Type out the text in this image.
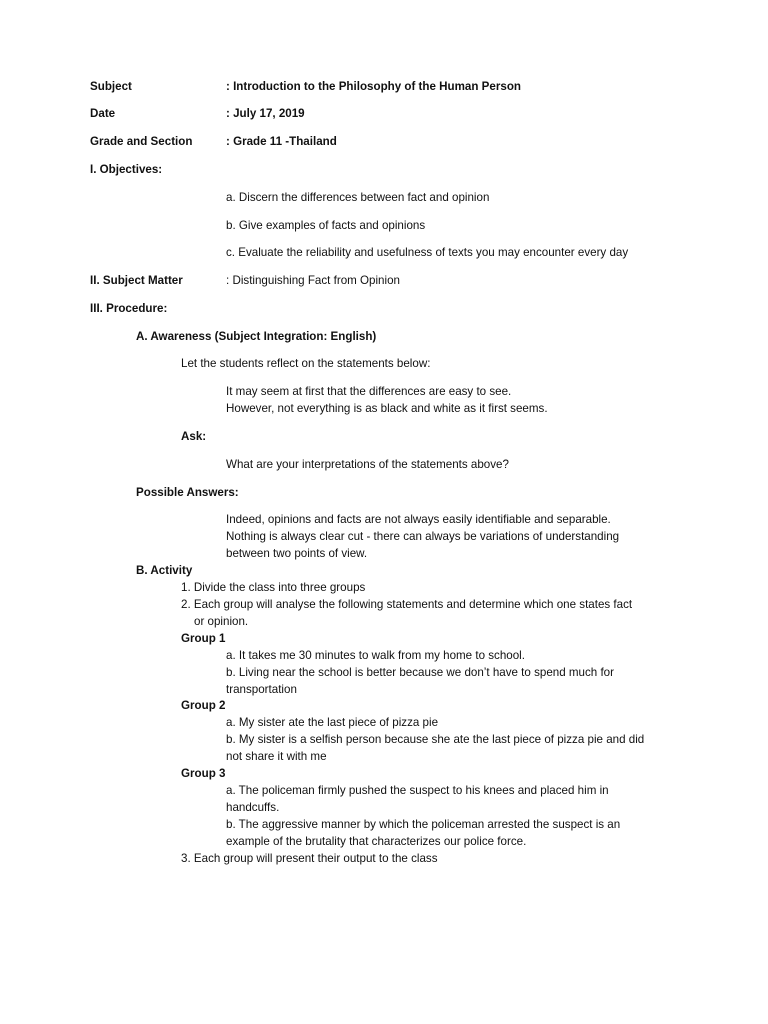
Subject	: Introduction to the Philosophy of the Human Person
Date	: July 17, 2019
Grade and Section	: Grade 11 -Thailand
I. Objectives:
a. Discern the differences between fact and opinion
b. Give examples of facts and opinions
c. Evaluate the reliability and usefulness of texts you may encounter every day
II. Subject Matter	: Distinguishing Fact from Opinion
III. Procedure:
A. Awareness (Subject Integration: English)
Let the students reflect on the statements below:
It may seem at first that the differences are easy to see.
However, not everything is as black and white as it first seems.
Ask:
What are your interpretations of the statements above?
Possible Answers:
Indeed, opinions and facts are not always easily identifiable and separable.
Nothing is always clear cut - there can always be variations of understanding
between two points of view.
B. Activity
1. Divide the class into three groups
2. Each group will analyse the following statements and determine which one states fact
or opinion.
Group 1
a. It takes me 30 minutes to walk from my home to school.
b. Living near the school is better because we don’t have to spend much for
transportation
Group 2
a. My sister ate the last piece of pizza pie
b. My sister is a selfish person because she ate the last piece of pizza pie and did
not share it with me
Group 3
a. The policeman firmly pushed the suspect to his knees and placed him in
handcuffs.
b. The aggressive manner by which the policeman arrested the suspect is an
example of the brutality that characterizes our police force.
3. Each group will present their output to the class
